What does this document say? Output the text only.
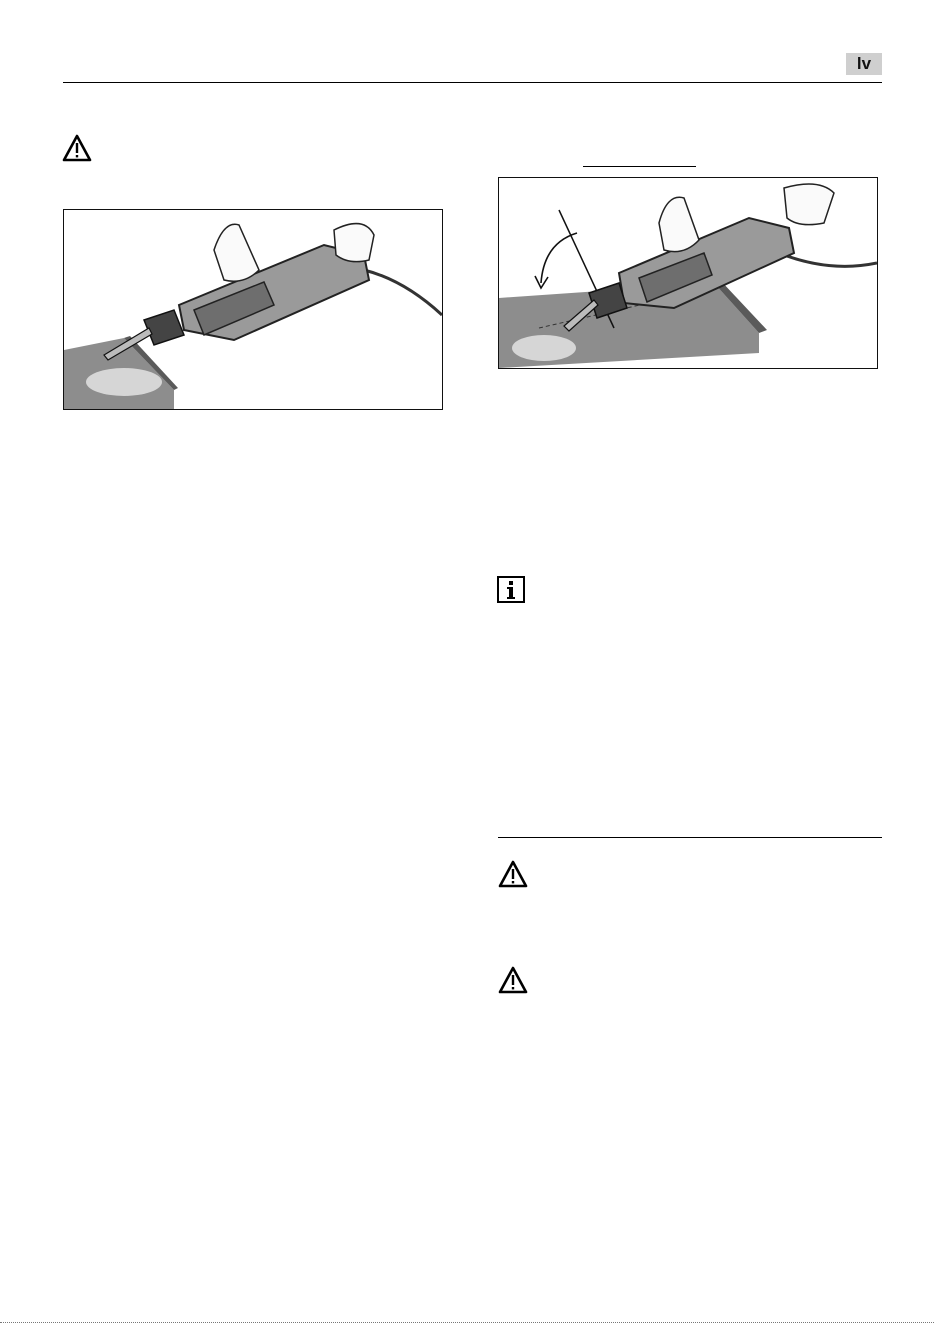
lv
